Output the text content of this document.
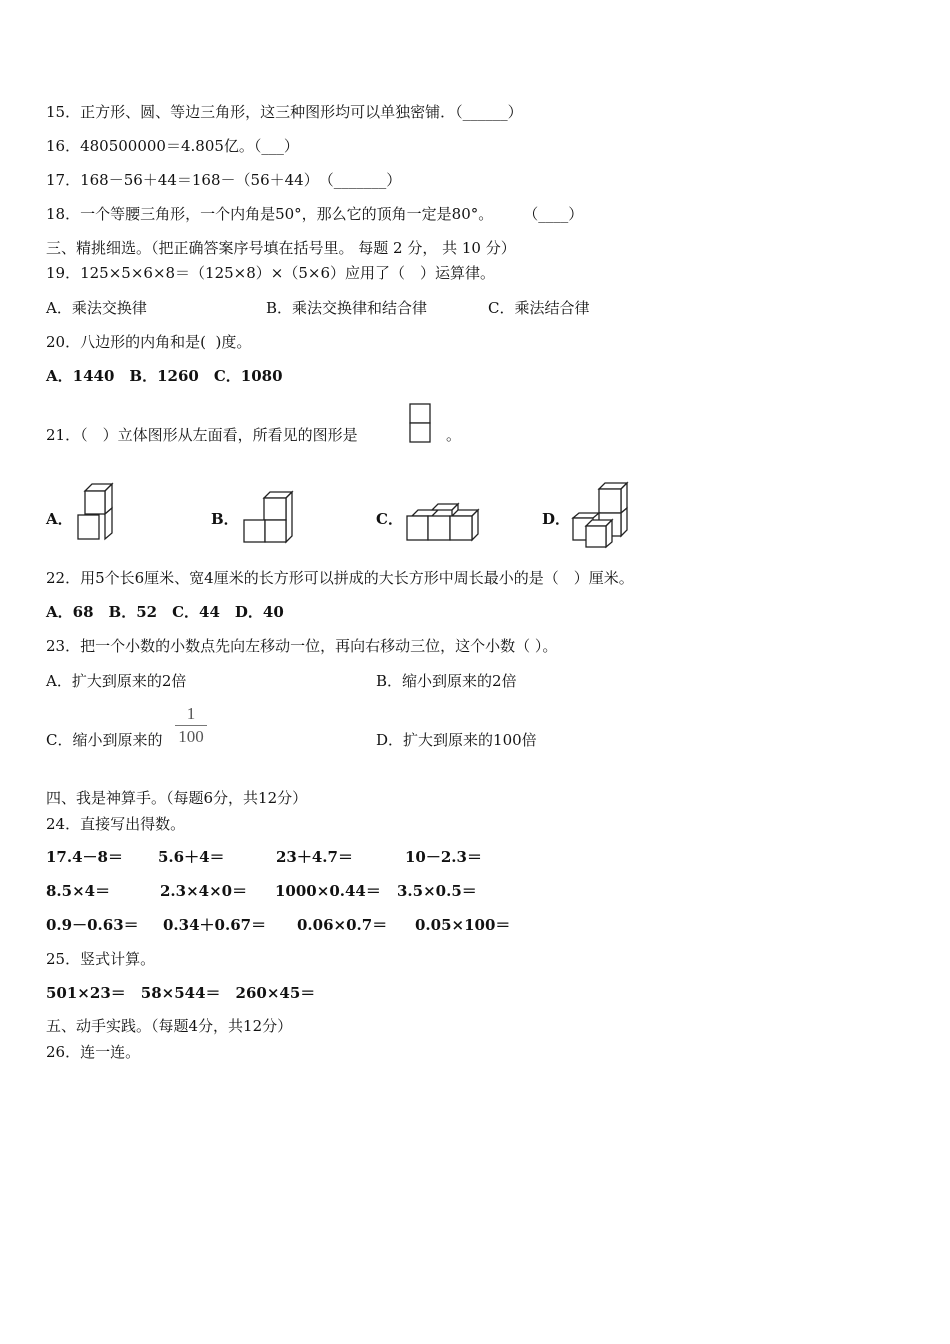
15．正方形、圆、等边三角形，这三种图形均可以单独密铺．（______）
16．480500000＝4.805亿。（___）
17．168－56＋44＝168－（56＋44）　（_______）
18．一个等腰三角形，一个内角是50°，那么它的顶角一定是80°。　　　（____）
三、精挑细选。（把正确答案序号填在括号里。 每题 2 分， 共 10 分）
19．125×5×6×8＝（125×8）×（5×6）应用了（　）运算律。
A．乘法交换律	B．乘法交换律和结合律	C．乘法结合律
20．八边形的内角和是(  )度。
A．1440　B．1260　C．1080
21．（　）立体图形从左面看，所看见的图形是	。
A．	B．	C．	D．
22．用5个长6厘米、宽4厘米的长方形可以拼成的大长方形中周长最小的是（　）厘米。
A．68　B．52　C．44　D．40
23．把一个小数的小数点先向左移动一位，再向右移动三位，这个小数（ ）。
A．扩大到原来的2倍	B．缩小到原来的2倍
C．缩小到原来的
1
100	D．扩大到原来的100倍
四、我是神算手。（每题6分，共12分）
24．直接写出得数。
17.4－8＝ 5.6＋4＝	23＋4.7＝	10－2.3＝
8.5×4＝	2.3×4×0＝ 1000×0.44＝ 3.5×0.5＝
0.9－0.63＝ 0.34＋0.67＝ 0.06×0.7＝ 0.05×100＝
25．竖式计算。
501×23＝　58×544＝　260×45＝
五、动手实践。（每题4分，共12分）
26．连一连。
